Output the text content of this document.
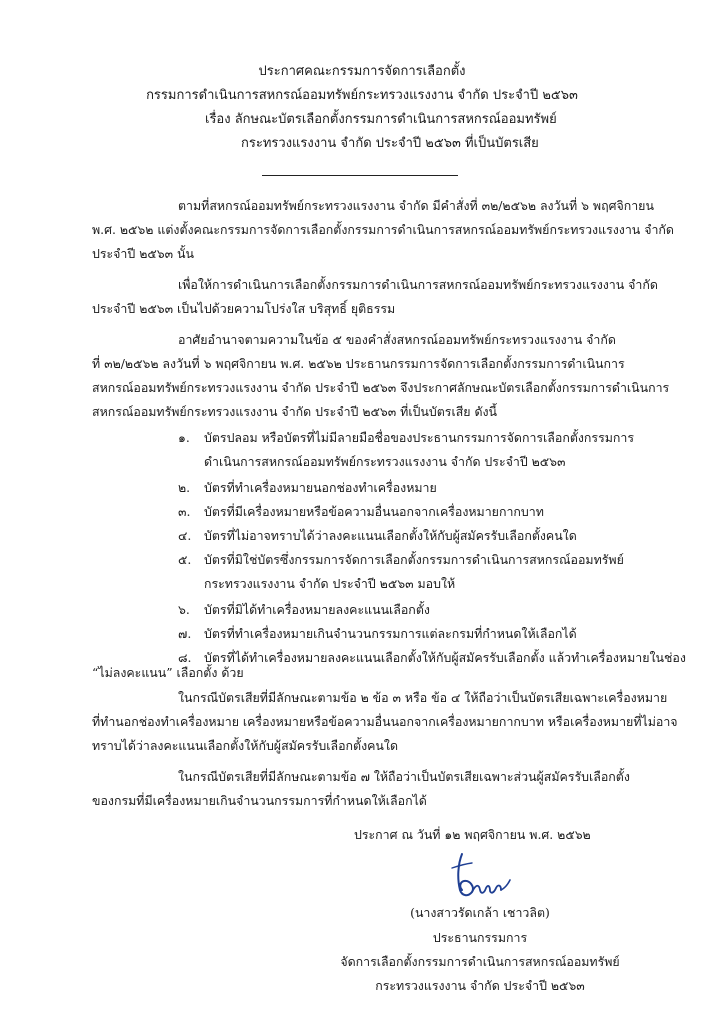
ประกาศคณะกรรมการจัดการเลือกตั้ง
กรรมการดำเนินการสหกรณ์ออมทรัพย์กระทรวงแรงงาน จำกัด ประจำปี ๒๕๖๓
เรื่อง ลักษณะบัตรเลือกตั้งกรรมการดำเนินการสหกรณ์ออมทรัพย์
กระทรวงแรงงาน จำกัด ประจำปี ๒๕๖๓ ที่เป็นบัตรเสีย
ตามที่สหกรณ์ออมทรัพย์กระทรวงแรงงาน จำกัด มีคำสั่งที่ ๓๒/๒๕๖๒ ลงวันที่ ๖ พฤศจิกายน
พ.ศ. ๒๕๖๒ แต่งตั้งคณะกรรมการจัดการเลือกตั้งกรรมการดำเนินการสหกรณ์ออมทรัพย์กระทรวงแรงงาน จำกัด
ประจำปี ๒๕๖๓ นั้น
เพื่อให้การดำเนินการเลือกตั้งกรรมการดำเนินการสหกรณ์ออมทรัพย์กระทรวงแรงงาน จำกัด
ประจำปี ๒๕๖๓ เป็นไปด้วยความโปร่งใส บริสุทธิ์ ยุติธรรม
อาศัยอำนาจตามความในข้อ ๕ ของคำสั่งสหกรณ์ออมทรัพย์กระทรวงแรงงาน จำกัด
ที่ ๓๒/๒๕๖๒ ลงวันที่ ๖ พฤศจิกายน พ.ศ. ๒๕๖๒ ประธานกรรมการจัดการเลือกตั้งกรรมการดำเนินการ
สหกรณ์ออมทรัพย์กระทรวงแรงงาน จำกัด ประจำปี ๒๕๖๓ จึงประกาศลักษณะบัตรเลือกตั้งกรรมการดำเนินการ
สหกรณ์ออมทรัพย์กระทรวงแรงงาน จำกัด ประจำปี ๒๕๖๓ ที่เป็นบัตรเสีย ดังนี้
๑. บัตรปลอม หรือบัตรที่ไม่มีลายมือชื่อของประธานกรรมการจัดการเลือกตั้งกรรมการ
ดำเนินการสหกรณ์ออมทรัพย์กระทรวงแรงงาน จำกัด ประจำปี ๒๕๖๓
๒. บัตรที่ทำเครื่องหมายนอกช่องทำเครื่องหมาย
๓. บัตรที่มีเครื่องหมายหรือข้อความอื่นนอกจากเครื่องหมายกากบาท
๔. บัตรที่ไม่อาจทราบได้ว่าลงคะแนนเลือกตั้งให้กับผู้สมัครรับเลือกตั้งคนใด
๕. บัตรที่มิใช่บัตรซึ่งกรรมการจัดการเลือกตั้งกรรมการดำเนินการสหกรณ์ออมทรัพย์
กระทรวงแรงงาน จำกัด ประจำปี ๒๕๖๓ มอบให้
๖. บัตรที่มิได้ทำเครื่องหมายลงคะแนนเลือกตั้ง
๗. บัตรที่ทำเครื่องหมายเกินจำนวนกรรมการแต่ละกรมที่กำหนดให้เลือกได้
๘. บัตรที่ได้ทำเครื่องหมายลงคะแนนเลือกตั้งให้กับผู้สมัครรับเลือกตั้ง แล้วทำเครื่องหมายในช่อง
“ไม่ลงคะแนน” เลือกตั้ง ด้วย
ในกรณีบัตรเสียที่มีลักษณะตามข้อ ๒ ข้อ ๓ หรือ ข้อ ๔ ให้ถือว่าเป็นบัตรเสียเฉพาะเครื่องหมาย
ที่ทำนอกช่องทำเครื่องหมาย เครื่องหมายหรือข้อความอื่นนอกจากเครื่องหมายกากบาท หรือเครื่องหมายที่ไม่อาจ
ทราบได้ว่าลงคะแนนเลือกตั้งให้กับผู้สมัครรับเลือกตั้งคนใด
ในกรณีบัตรเสียที่มีลักษณะตามข้อ ๗ ให้ถือว่าเป็นบัตรเสียเฉพาะส่วนผู้สมัครรับเลือกตั้ง
ของกรมที่มีเครื่องหมายเกินจำนวนกรรมการที่กำหนดให้เลือกได้
ประกาศ ณ วันที่ ๑๒ พฤศจิกายน พ.ศ. ๒๕๖๒
(นางสาวรัดเกล้า เชาวลิต)
ประธานกรรมการ
จัดการเลือกตั้งกรรมการดำเนินการสหกรณ์ออมทรัพย์
กระทรวงแรงงาน จำกัด ประจำปี ๒๕๖๓
